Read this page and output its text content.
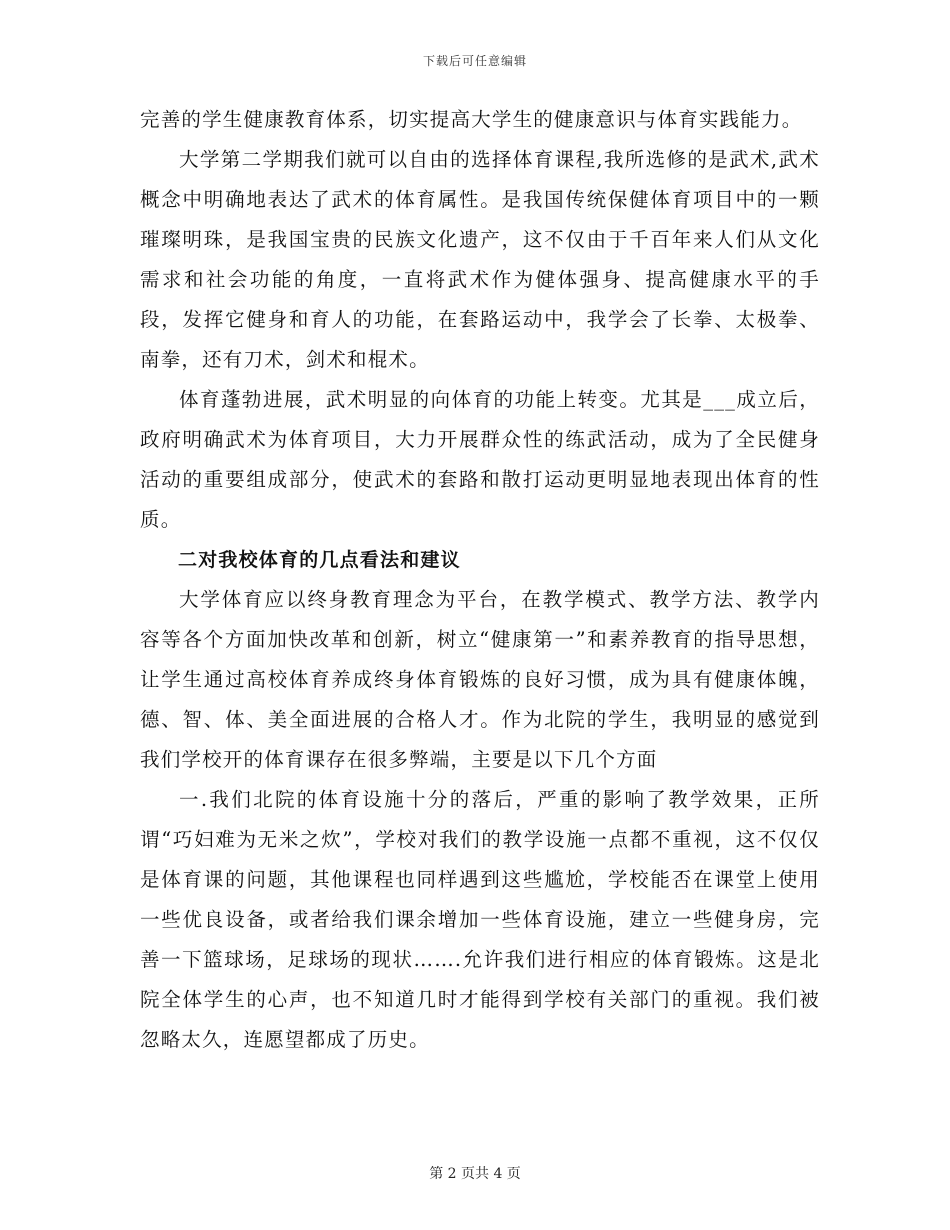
下载后可任意编辑

完善的学生健康教育体系，切实提高大学生的健康意识与体育实践能力。

大学第二学期我们就可以自由的选择体育课程,我所选修的是武术,武术概念中明确地表达了武术的体育属性。是我国传统保健体育项目中的一颗璀璨明珠，是我国宝贵的民族文化遗产，这不仅由于千百年来人们从文化需求和社会功能的角度，一直将武术作为健体强身、提高健康水平的手段，发挥它健身和育人的功能，在套路运动中，我学会了长拳、太极拳、南拳，还有刀术，剑术和棍术。

体育蓬勃进展，武术明显的向体育的功能上转变。尤其是___成立后，政府明确武术为体育项目，大力开展群众性的练武活动，成为了全民健身活动的重要组成部分，使武术的套路和散打运动更明显地表现出体育的性质。

二对我校体育的几点看法和建议

大学体育应以终身教育理念为平台，在教学模式、教学方法、教学内容等各个方面加快改革和创新，树立“健康第一”和素养教育的指导思想，让学生通过高校体育养成终身体育锻炼的良好习惯，成为具有健康体魄，德、智、体、美全面进展的合格人才。作为北院的学生，我明显的感觉到我们学校开的体育课存在很多弊端，主要是以下几个方面

一.我们北院的体育设施十分的落后，严重的影响了教学效果，正所谓“巧妇难为无米之炊”，学校对我们的教学设施一点都不重视，这不仅仅是体育课的问题，其他课程也同样遇到这些尴尬，学校能否在课堂上使用一些优良设备，或者给我们课余增加一些体育设施，建立一些健身房，完善一下篮球场，足球场的现状…….允许我们进行相应的体育锻炼。这是北院全体学生的心声，也不知道几时才能得到学校有关部门的重视。我们被忽略太久，连愿望都成了历史。

第 2 页共 4 页
